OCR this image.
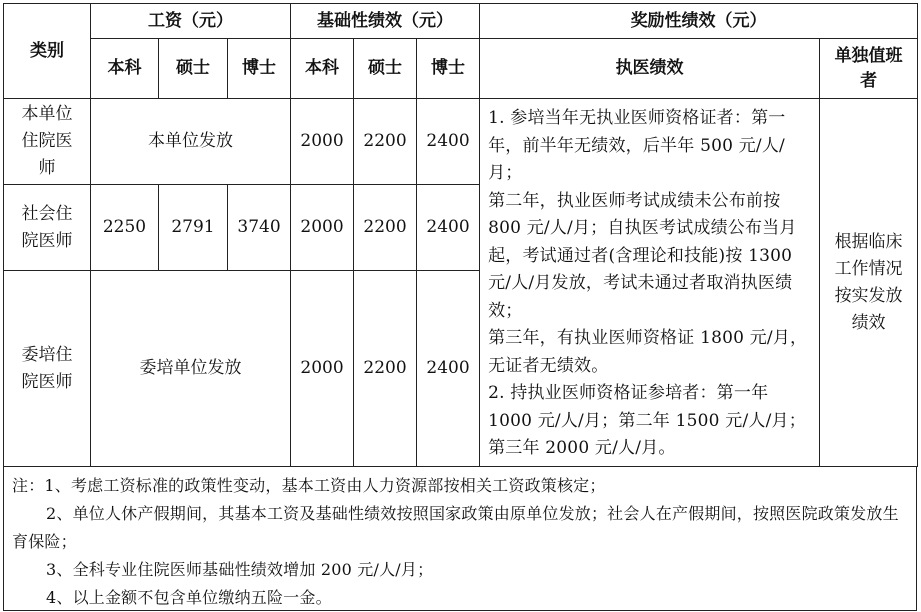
类别	工资（元）			基础性绩效（元）			奖励性绩效（元）	
	本科	硕士	博士	本科	硕士	博士	执医绩效	单独值班者
本单位住院医师	本单位发放			2000	2200	2400	1. 参培当年无执业医师资格证者：第一年，前半年无绩效，后半年 500 元/人/月；

第二年，执业医师考试成绩未公布前按 800 元/人/月；自执医考试成绩公布当月起，考试通过者(含理论和技能)按 1300 元/人/月发放，考试未通过者取消执医绩效；

第三年，有执业医师资格证 1800 元/月，无证者无绩效。

2. 持执业医师资格证参培者：第一年 1000 元/人/月；第二年 1500 元/人/月；第三年 2000 元/人/月。	根据临床工作情况按实发放绩效
社会住院医师	2250	2791	3740	2000	2200	2400		
委培住院医师	委培单位发放			2000	2200	2400		

注：1、考虑工资标准的政策性变动，基本工资由人力资源部按相关工资政策核定；

2、单位人休产假期间，其基本工资及基础性绩效按照国家政策由原单位发放；社会人在产假期间，按照医院政策发放生育保险；

3、全科专业住院医师基础性绩效增加 200 元/人/月；

4、以上金额不包含单位缴纳五险一金。
